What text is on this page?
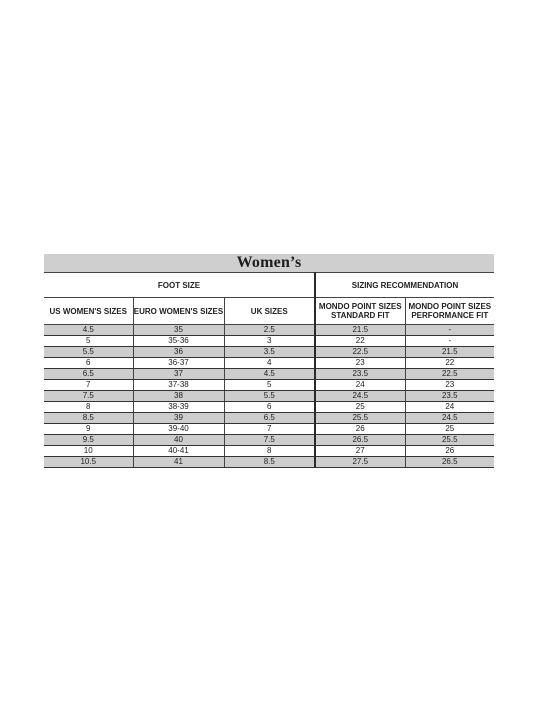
Women’s				
FOOT SIZE			SIZING RECOMMENDATION	
US WOMEN'S SIZES	EURO WOMEN'S SIZES	UK SIZES	MONDO POINT SIZES STANDARD FIT	MONDO POINT SIZES PERFORMANCE FIT
4.5	35	2.5	21.5	-
5	35-36	3	22	-
5.5	36	3.5	22.5	21.5
6	36-37	4	23	22
6.5	37	4.5	23.5	22.5
7	37-38	5	24	23
7.5	38	5.5	24.5	23.5
8	38-39	6	25	24
8.5	39	6.5	25.5	24.5
9	39-40	7	26	25
9.5	40	7.5	26.5	25.5
10	40-41	8	27	26
10.5	41	8.5	27.5	26.5
